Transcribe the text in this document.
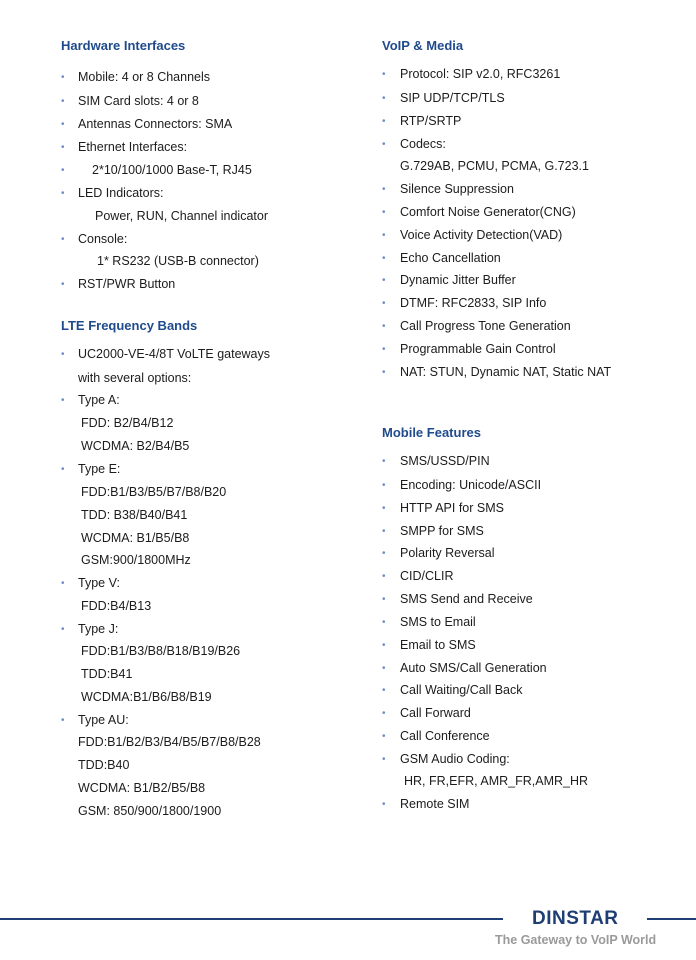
Hardware Interfaces
• Mobile: 4 or 8 Channels
• SIM Card slots: 4 or 8
• Antennas Connectors: SMA
• Ethernet Interfaces:
• 2*10/100/1000 Base-T, RJ45
• LED Indicators:
Power, RUN, Channel indicator
• Console:
1* RS232 (USB-B connector)
• RST/PWR Button
LTE Frequency Bands
• UC2000-VE-4/8T VoLTE gateways
with several options:
• Type A:
FDD: B2/B4/B12
WCDMA: B2/B4/B5
• Type E:
FDD:B1/B3/B5/B7/B8/B20
TDD: B38/B40/B41
WCDMA: B1/B5/B8
GSM:900/1800MHz
• Type V:
FDD:B4/B13
• Type J:
FDD:B1/B3/B8/B18/B19/B26
TDD:B41
WCDMA:B1/B6/B8/B19
• Type AU:
FDD:B1/B2/B3/B4/B5/B7/B8/B28
TDD:B40
WCDMA: B1/B2/B5/B8
GSM: 850/900/1800/1900
VoIP & Media
• Protocol: SIP v2.0, RFC3261
• SIP UDP/TCP/TLS
• RTP/SRTP
• Codecs:
G.729AB, PCMU, PCMA, G.723.1
• Silence Suppression
• Comfort Noise Generator(CNG)
• Voice Activity Detection(VAD)
• Echo Cancellation
• Dynamic Jitter Buffer
• DTMF: RFC2833, SIP Info
• Call Progress Tone Generation
• Programmable Gain Control
• NAT: STUN, Dynamic NAT, Static NAT
Mobile Features
• SMS/USSD/PIN
• Encoding: Unicode/ASCII
• HTTP API for SMS
• SMPP for SMS
• Polarity Reversal
• CID/CLIR
• SMS Send and Receive
• SMS to Email
• Email to SMS
• Auto SMS/Call Generation
• Call Waiting/Call Back
• Call Forward
• Call Conference
• GSM Audio Coding:
HR, FR,EFR, AMR_FR,AMR_HR
• Remote SIM
DINSTAR
The Gateway to VoIP World
